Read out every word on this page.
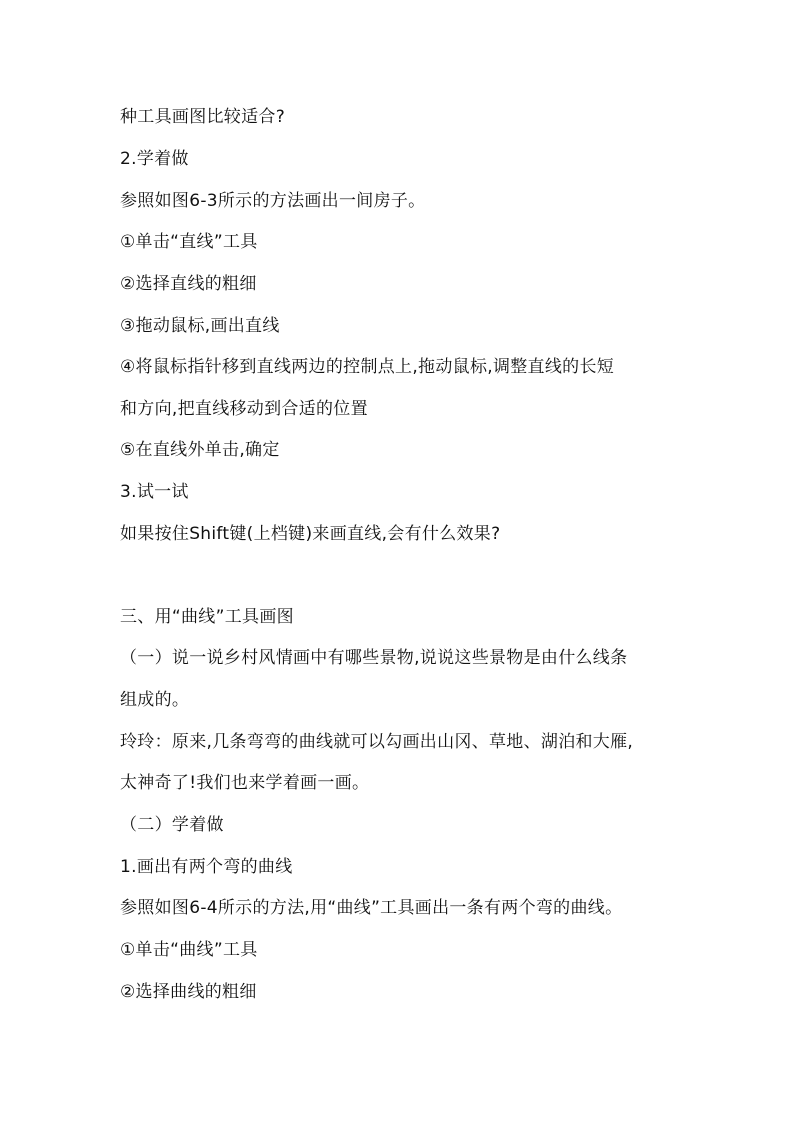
种工具画图比较适合?
2.学着做
参照如图6-3所示的方法画出一间房子。
①单击“直线”工具
②选择直线的粗细
③拖动鼠标,画出直线
④将鼠标指针移到直线两边的控制点上,拖动鼠标,调整直线的长短
和方向,把直线移动到合适的位置
⑤在直线外单击,确定
3.试一试
如果按住Shift键(上档键)来画直线,会有什么效果?
三、用“曲线”工具画图
（一）说一说乡村风情画中有哪些景物,说说这些景物是由什么线条
组成的。
玲玲：原来,几条弯弯的曲线就可以勾画出山冈、草地、湖泊和大雁,
太神奇了!我们也来学着画一画。
（二）学着做
1.画出有两个弯的曲线
参照如图6-4所示的方法,用“曲线”工具画出一条有两个弯的曲线。
①单击“曲线”工具
②选择曲线的粗细
